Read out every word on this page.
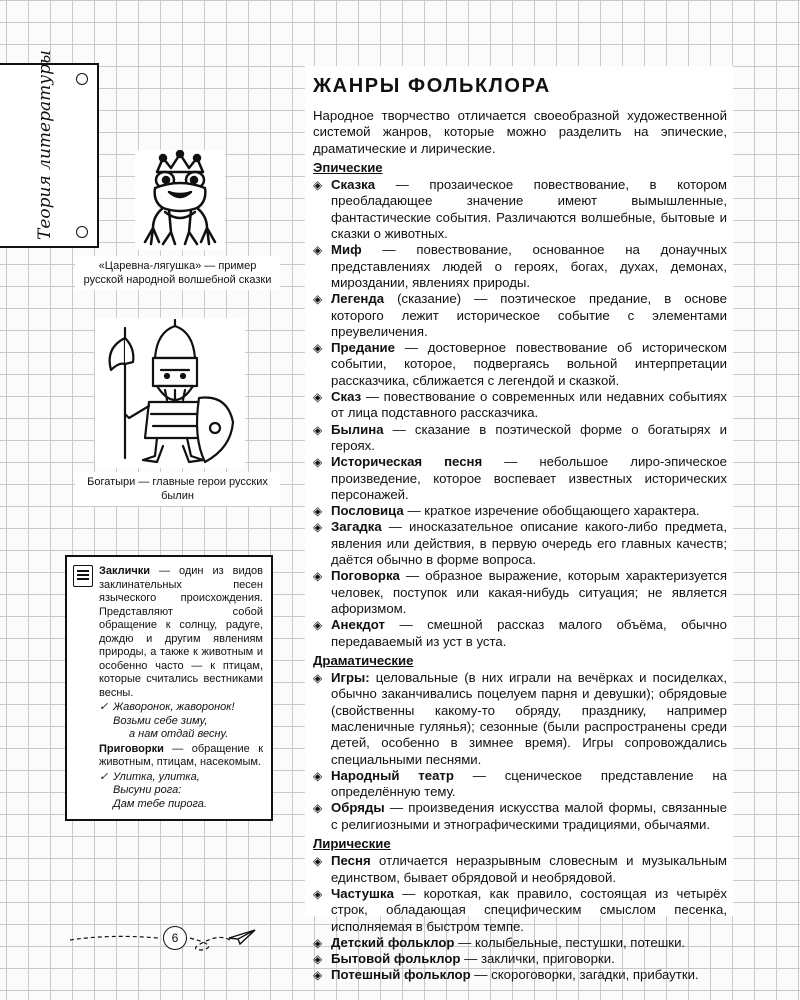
Теория литературы
«Царевна-лягушка» — пример русской народной волшебной сказки
Богатыри — главные герои русских былин
Заклички — один из видов заклинательных песен языческого происхождения. Представляют собой обращение к солнцу, радуге, дождю и другим явлениям природы, а также к животным и особенно часто — к птицам, которые считались вестниками весны.
✓ Жаворонок, жаворонок!
Возьми себе зиму,
а нам отдай весну.
Приговорки — обращение к животным, птицам, насекомым.
✓ Улитка, улитка,
Высуни рога:
Дам тебе пирога.
ЖАНРЫ ФОЛЬКЛОРА

Народное творчество отличается своеобразной художественной системой жанров, которые можно разделить на эпические, драматические и лирические.

Эпические
◈ Сказка — прозаическое повествование, в котором преобладающее значение имеют вымышленные, фантастические события. Различаются волшебные, бытовые и сказки о животных.
◈ Миф — повествование, основанное на донаучных представлениях людей о героях, богах, духах, демонах, мироздании, явлениях природы.
◈ Легенда (сказание) — поэтическое предание, в основе которого лежит историческое событие с элементами преувеличения.
◈ Предание — достоверное повествование об историческом событии, которое, подвергаясь вольной интерпретации рассказчика, сближается с легендой и сказкой.
◈ Сказ — повествование о современных или недавних событиях от лица подставного рассказчика.
◈ Былина — сказание в поэтической форме о богатырях и героях.
◈ Историческая песня — небольшое лиро-эпическое произведение, которое воспевает известных исторических персонажей.
◈ Пословица — краткое изречение обобщающего характера.
◈ Загадка — иносказательное описание какого-либо предмета, явления или действия, в первую очередь его главных качеств; даётся обычно в форме вопроса.
◈ Поговорка — образное выражение, которым характеризуется человек, поступок или какая-нибудь ситуация; не является афоризмом.
◈ Анекдот — смешной рассказ малого объёма, обычно передаваемый из уст в уста.
Драматические
◈ Игры: целовальные (в них играли на вечёрках и посиделках, обычно заканчивались поцелуем парня и девушки); обрядовые (свойственны какому-то обряду, празднику, например масленичные гулянья); сезонные (были распространены среди детей, особенно в зимнее время). Игры сопровождались специальными песнями.
◈ Народный театр — сценическое представление на определённую тему.
◈ Обряды — произведения искусства малой формы, связанные с религиозными и этнографическими традициями, обычаями.
Лирические
◈ Песня отличается неразрывным словесным и музыкальным единством, бывает обрядовой и необрядовой.
◈ Частушка — короткая, как правило, состоящая из четырёх строк, обладающая специфическим смыслом песенка, исполняемая в быстром темпе.
◈ Детский фольклор — колыбельные, пестушки, потешки.
◈ Бытовой фольклор — заклички, приговорки.
◈ Потешный фольклор — скороговорки, загадки, прибаутки.
6
